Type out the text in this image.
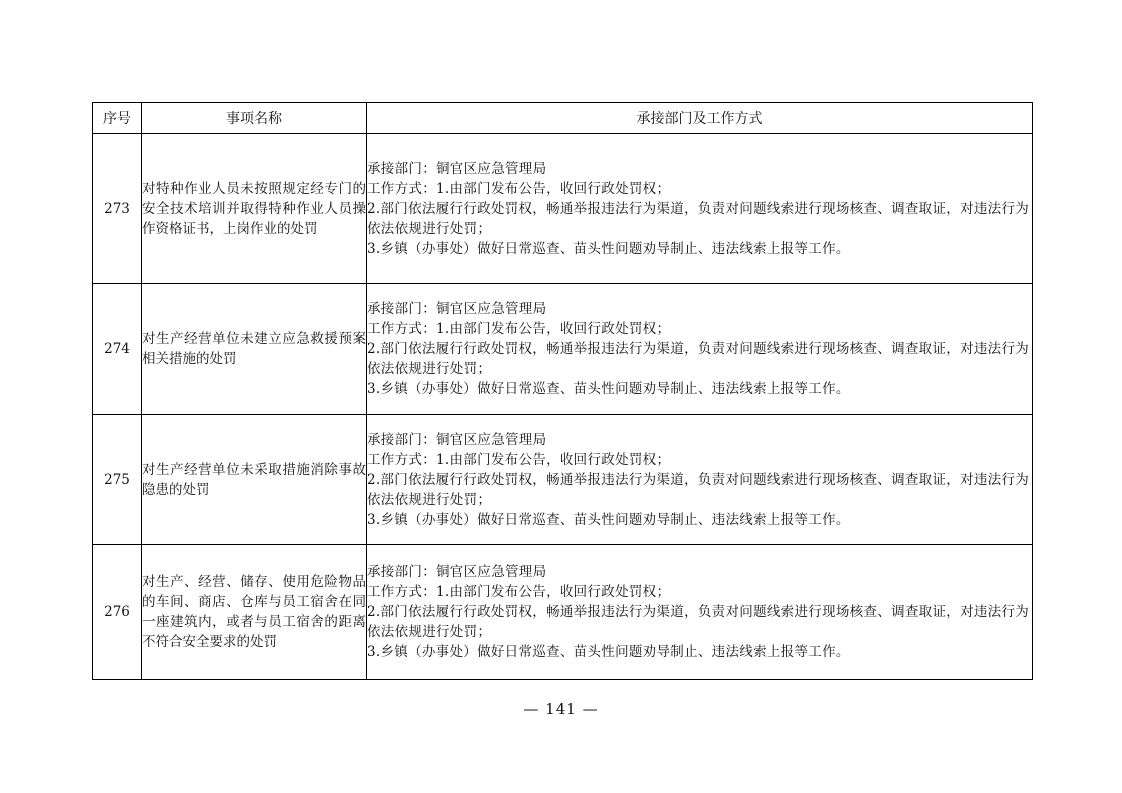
序号	事项名称	承接部门及工作方式
273	对特种作业人员未按照规定经专门的安全技术培训并取得特种作业人员操作资格证书，上岗作业的处罚	承接部门：铜官区应急管理局
工作方式：1.由部门发布公告，收回行政处罚权；
2.部门依法履行行政处罚权，畅通举报违法行为渠道，负责对问题线索进行现场核查、调查取证，对违法行为依法依规进行处罚；
3.乡镇（办事处）做好日常巡查、苗头性问题劝导制止、违法线索上报等工作。

274	对生产经营单位未建立应急救援预案相关措施的处罚	承接部门：铜官区应急管理局
工作方式：1.由部门发布公告，收回行政处罚权；
2.部门依法履行行政处罚权，畅通举报违法行为渠道，负责对问题线索进行现场核查、调查取证，对违法行为依法依规进行处罚；
3.乡镇（办事处）做好日常巡查、苗头性问题劝导制止、违法线索上报等工作。

275	对生产经营单位未采取措施消除事故隐患的处罚	承接部门：铜官区应急管理局
工作方式：1.由部门发布公告，收回行政处罚权；
2.部门依法履行行政处罚权，畅通举报违法行为渠道，负责对问题线索进行现场核查、调查取证，对违法行为依法依规进行处罚；
3.乡镇（办事处）做好日常巡查、苗头性问题劝导制止、违法线索上报等工作。

276	对生产、经营、储存、使用危险物品的车间、商店、仓库与员工宿舍在同一座建筑内，或者与员工宿舍的距离不符合安全要求的处罚	承接部门：铜官区应急管理局
工作方式：1.由部门发布公告，收回行政处罚权；
2.部门依法履行行政处罚权，畅通举报违法行为渠道，负责对问题线索进行现场核查、调查取证，对违法行为依法依规进行处罚；
3.乡镇（办事处）做好日常巡查、苗头性问题劝导制止、违法线索上报等工作。
— 141 —
